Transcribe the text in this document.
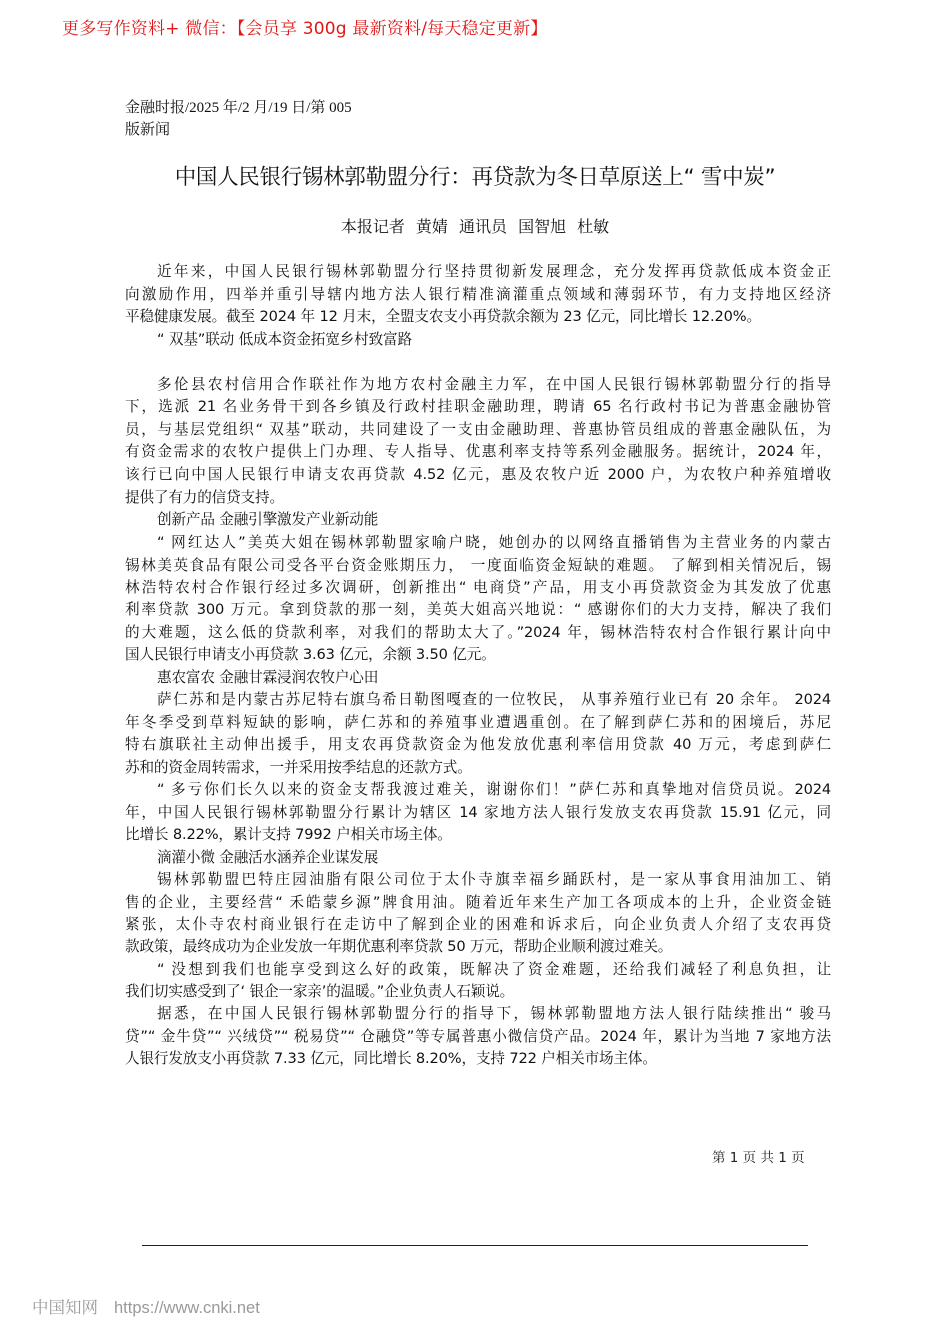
更多写作资料+ 微信：【会员享 300g 最新资料/每天稳定更新】
金融时报/2025 年/2 月/19 日/第 005
版新闻
中国人民银行锡林郭勒盟分行：再贷款为冬日草原送上“ 雪中炭”
本报记者 黄婧 通讯员 国智旭 杜敏
近年来，中国人民银行锡林郭勒盟分行坚持贯彻新发展理念，充分发挥再贷款低成本资金正
向激励作用，四举并重引导辖内地方法人银行精准滴灌重点领域和薄弱环节，有力支持地区经济
平稳健康发展。截至 2024 年 12 月末，全盟支农支小再贷款余额为 23 亿元，同比增长 12.20%。
“ 双基”联动 低成本资金拓宽乡村致富路
多伦县农村信用合作联社作为地方农村金融主力军，在中国人民银行锡林郭勒盟分行的指导
下，选派 21 名业务骨干到各乡镇及行政村挂职金融助理，聘请 65 名行政村书记为普惠金融协管
员，与基层党组织“ 双基”联动，共同建设了一支由金融助理、普惠协管员组成的普惠金融队伍，为
有资金需求的农牧户提供上门办理、专人指导、优惠利率支持等系列金融服务。据统计，2024 年，
该行已向中国人民银行申请支农再贷款 4.52 亿元，惠及农牧户近 2000 户，为农牧户种养殖增收
提供了有力的信贷支持。
创新产品 金融引擎激发产业新动能
“ 网红达人”美英大姐在锡林郭勒盟家喻户晓，她创办的以网络直播销售为主营业务的内蒙古
锡林美英食品有限公司受各平台资金账期压力， 一度面临资金短缺的难题。 了解到相关情况后，锡
林浩特农村合作银行经过多次调研，创新推出“ 电商贷”产品，用支小再贷款资金为其发放了优惠
利率贷款 300 万元。拿到贷款的那一刻，美英大姐高兴地说：“ 感谢你们的大力支持，解决了我们
的大难题，这么低的贷款利率，对我们的帮助太大了。”2024 年，锡林浩特农村合作银行累计向中
国人民银行申请支小再贷款 3.63 亿元，余额 3.50 亿元。
惠农富农 金融甘霖浸润农牧户心田
萨仁苏和是内蒙古苏尼特右旗乌希日勒图嘎查的一位牧民， 从事养殖行业已有 20 余年。 2024
年冬季受到草料短缺的影响，萨仁苏和的养殖事业遭遇重创。在了解到萨仁苏和的困境后，苏尼
特右旗联社主动伸出援手，用支农再贷款资金为他发放优惠利率信用贷款 40 万元，考虑到萨仁
苏和的资金周转需求，一并采用按季结息的还款方式。
“ 多亏你们长久以来的资金支帮我渡过难关，谢谢你们！”萨仁苏和真挚地对信贷员说。2024
年，中国人民银行锡林郭勒盟分行累计为辖区 14 家地方法人银行发放支农再贷款 15.91 亿元，同
比增长 8.22%，累计支持 7992 户相关市场主体。
滴灌小微 金融活水涵养企业谋发展
锡林郭勒盟巴特庄园油脂有限公司位于太仆寺旗幸福乡踊跃村，是一家从事食用油加工、销
售的企业，主要经营“ 禾皓蒙乡源”牌食用油。随着近年来生产加工各项成本的上升，企业资金链
紧张，太仆寺农村商业银行在走访中了解到企业的困难和诉求后，向企业负责人介绍了支农再贷
款政策，最终成功为企业发放一年期优惠利率贷款 50 万元，帮助企业顺利渡过难关。
“ 没想到我们也能享受到这么好的政策，既解决了资金难题，还给我们减轻了利息负担，让
我们切实感受到了‘ 银企一家亲’的温暖。”企业负责人石颖说。
据悉，在中国人民银行锡林郭勒盟分行的指导下，锡林郭勒盟地方法人银行陆续推出“ 骏马
贷”“ 金牛贷”“ 兴绒贷”“ 税易贷”“ 仓融贷”等专属普惠小微信贷产品。2024 年，累计为当地 7 家地方法
人银行发放支小再贷款 7.33 亿元，同比增长 8.20%，支持 722 户相关市场主体。
第 1 页 共 1 页
中国知网 https://www.cnki.net
